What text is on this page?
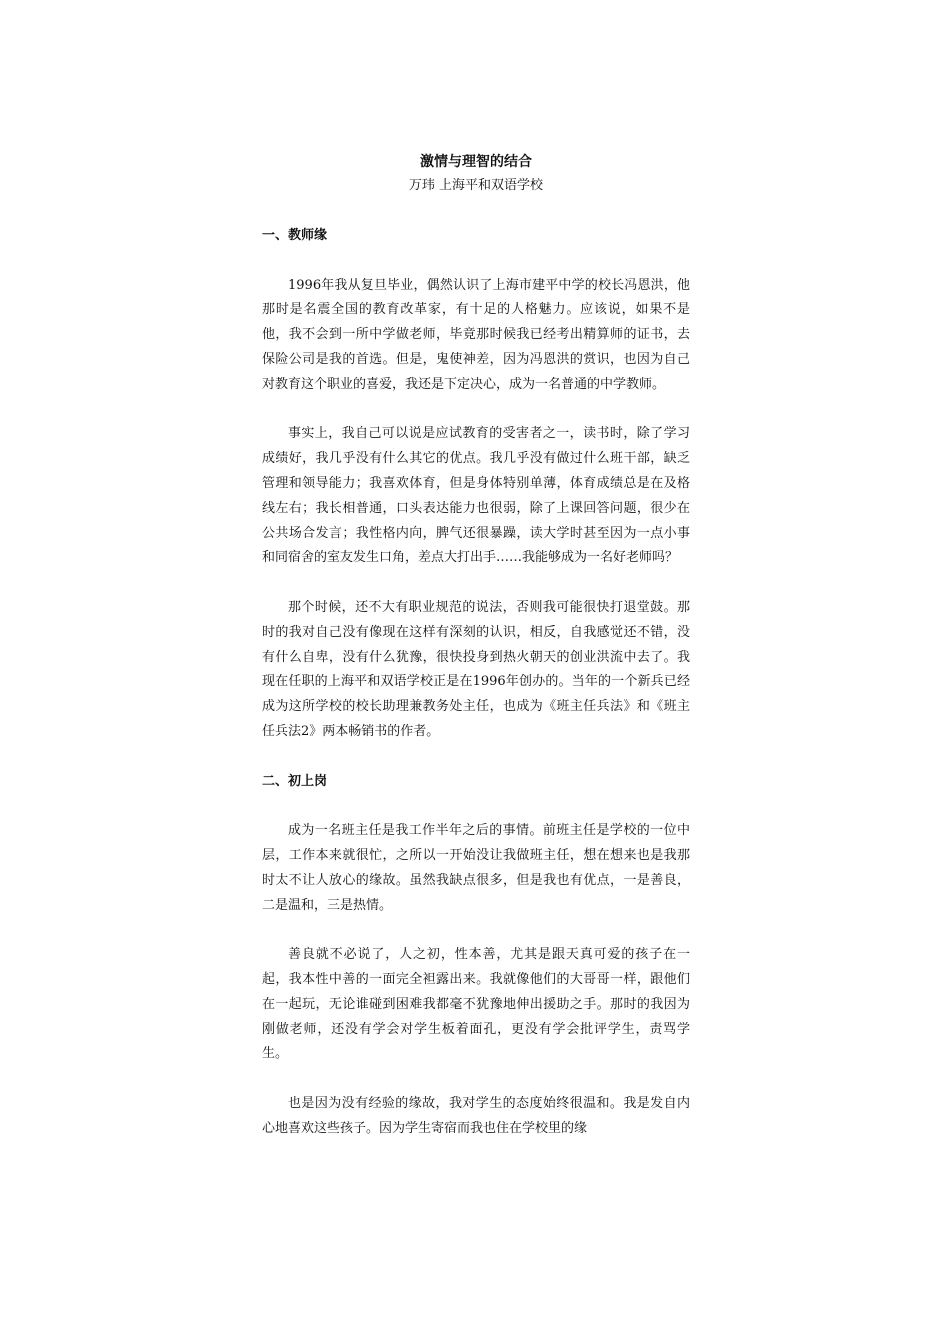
激情与理智的结合

万玮 上海平和双语学校

一、教师缘

1996年我从复旦毕业，偶然认识了上海市建平中学的校长冯恩洪，他那时是名震全国的教育改革家，有十足的人格魅力。应该说，如果不是他，我不会到一所中学做老师，毕竟那时候我已经考出精算师的证书，去保险公司是我的首选。但是，鬼使神差，因为冯恩洪的赏识，也因为自己对教育这个职业的喜爱，我还是下定决心，成为一名普通的中学教师。

事实上，我自己可以说是应试教育的受害者之一，读书时，除了学习成绩好，我几乎没有什么其它的优点。我几乎没有做过什么班干部，缺乏管理和领导能力；我喜欢体育，但是身体特别单薄，体育成绩总是在及格线左右；我长相普通，口头表达能力也很弱，除了上课回答问题，很少在公共场合发言；我性格内向，脾气还很暴躁，读大学时甚至因为一点小事和同宿舍的室友发生口角，差点大打出手……我能够成为一名好老师吗？

那个时候，还不大有职业规范的说法，否则我可能很快打退堂鼓。那时的我对自己没有像现在这样有深刻的认识，相反，自我感觉还不错，没有什么自卑，没有什么犹豫，很快投身到热火朝天的创业洪流中去了。我现在任职的上海平和双语学校正是在1996年创办的。当年的一个新兵已经成为这所学校的校长助理兼教务处主任，也成为《班主任兵法》和《班主任兵法2》两本畅销书的作者。

二、初上岗

成为一名班主任是我工作半年之后的事情。前班主任是学校的一位中层，工作本来就很忙，之所以一开始没让我做班主任，想在想来也是我那时太不让人放心的缘故。虽然我缺点很多，但是我也有优点，一是善良，二是温和，三是热情。

善良就不必说了，人之初，性本善，尤其是跟天真可爱的孩子在一起，我本性中善的一面完全袒露出来。我就像他们的大哥哥一样，跟他们在一起玩，无论谁碰到困难我都毫不犹豫地伸出援助之手。那时的我因为刚做老师，还没有学会对学生板着面孔，更没有学会批评学生，责骂学生。

也是因为没有经验的缘故，我对学生的态度始终很温和。我是发自内心地喜欢这些孩子。因为学生寄宿而我也住在学校里的缘
